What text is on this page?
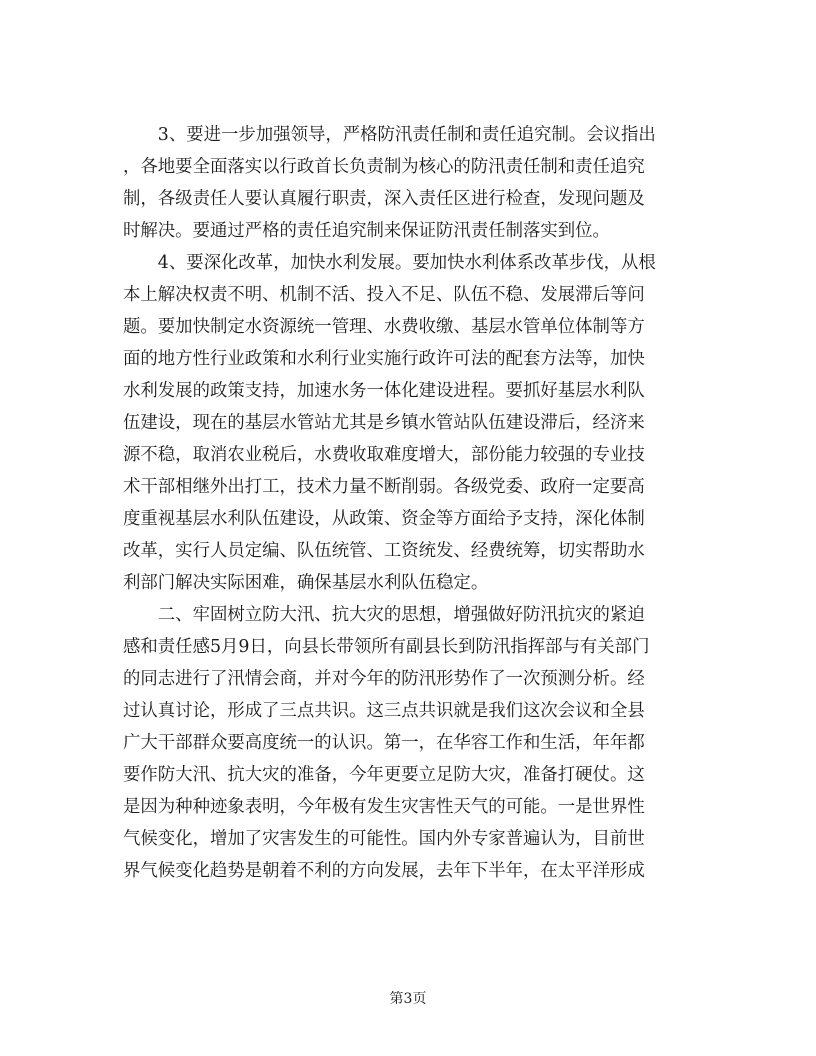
　　3、要进一步加强领导，严格防汛责任制和责任追究制。会议指出

，各地要全面落实以行政首长负责制为核心的防汛责任制和责任追究

制，各级责任人要认真履行职责，深入责任区进行检查，发现问题及

时解决。要通过严格的责任追究制来保证防汛责任制落实到位。

　　4、要深化改革，加快水利发展。要加快水利体系改革步伐，从根

本上解决权责不明、机制不活、投入不足、队伍不稳、发展滞后等问

题。要加快制定水资源统一管理、水费收缴、基层水管单位体制等方

面的地方性行业政策和水利行业实施行政许可法的配套方法等，加快

水利发展的政策支持，加速水务一体化建设进程。要抓好基层水利队

伍建设，现在的基层水管站尤其是乡镇水管站队伍建设滞后，经济来

源不稳，取消农业税后，水费收取难度增大，部份能力较强的专业技

术干部相继外出打工，技术力量不断削弱。各级党委、政府一定要高

度重视基层水利队伍建设，从政策、资金等方面给予支持，深化体制

改革，实行人员定编、队伍统管、工资统发、经费统筹，切实帮助水

利部门解决实际困难，确保基层水利队伍稳定。

　　二、牢固树立防大汛、抗大灾的思想，增强做好防汛抗灾的紧迫

感和责任感5月9日，向县长带领所有副县长到防汛指挥部与有关部门

的同志进行了汛情会商，并对今年的防汛形势作了一次预测分析。经

过认真讨论，形成了三点共识。这三点共识就是我们这次会议和全县

广大干部群众要高度统一的认识。第一，在华容工作和生活，年年都

要作防大汛、抗大灾的准备，今年更要立足防大灾，准备打硬仗。这

是因为种种迹象表明，今年极有发生灾害性天气的可能。一是世界性

气候变化，增加了灾害发生的可能性。国内外专家普遍认为，目前世

界气候变化趋势是朝着不利的方向发展，去年下半年，在太平洋形成

第3页
